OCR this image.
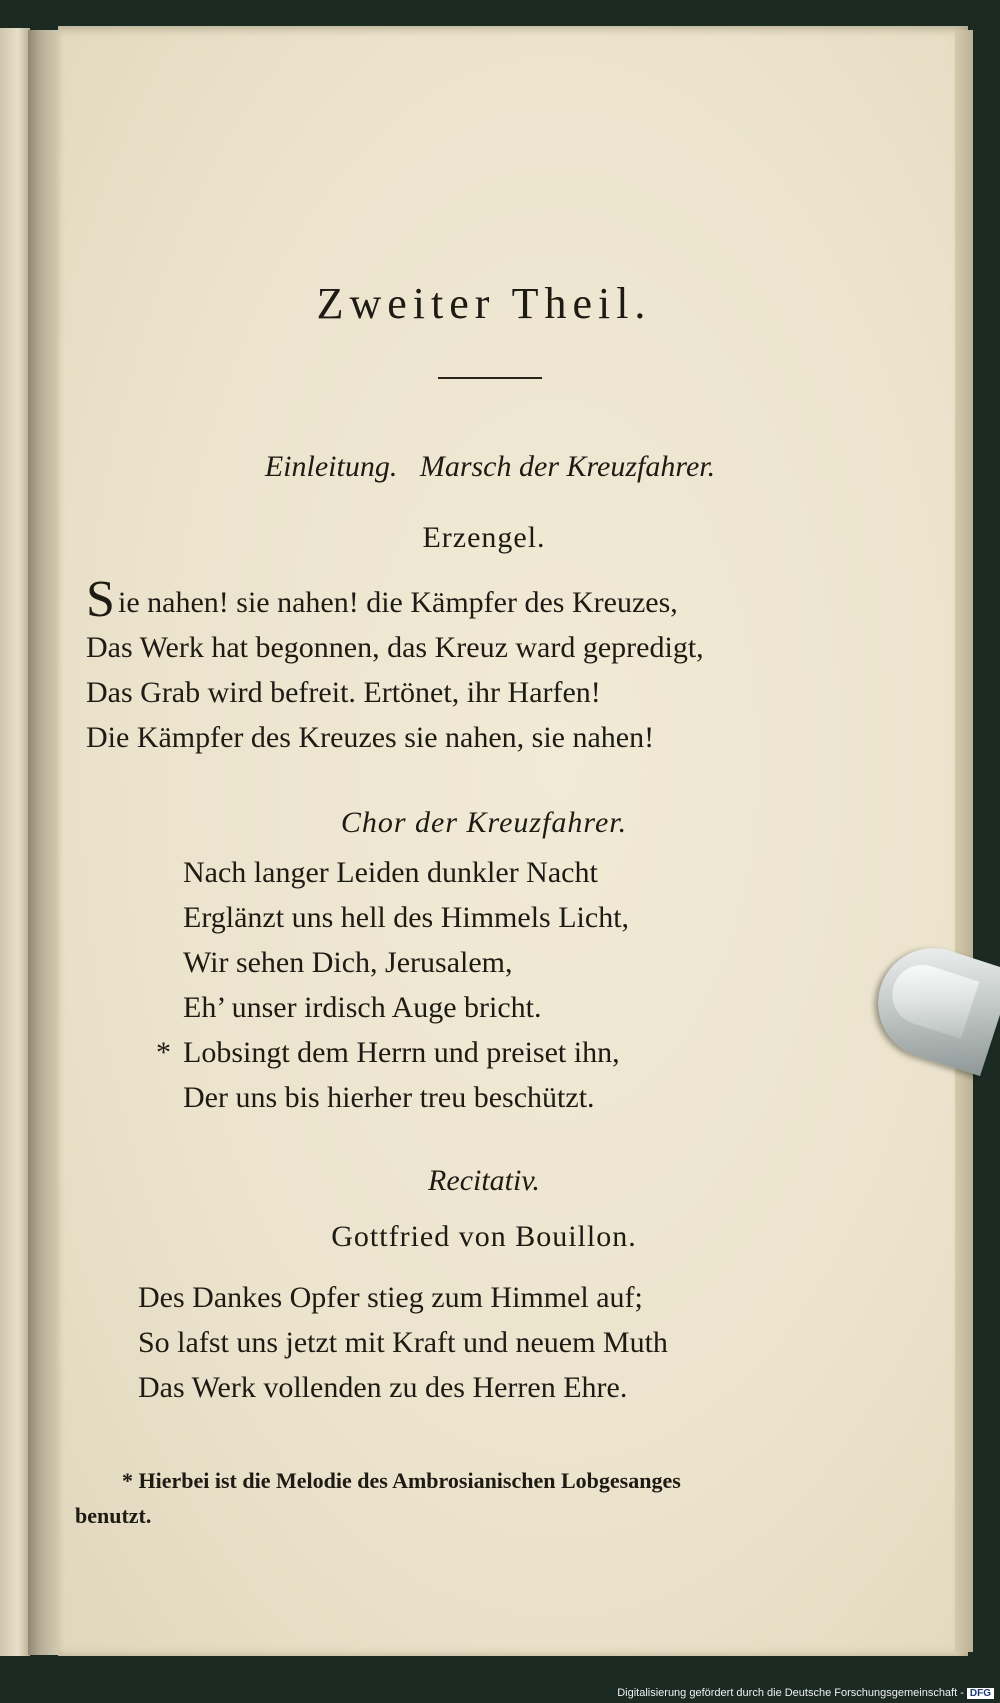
Zweiter Theil.
Einleitung. Marsch der Kreuzfahrer.
Erzengel.
S ie nahen! sie nahen! die Kämpfer des Kreuzes,
Das Werk hat begonnen, das Kreuz ward gepredigt,
Das Grab wird befreit. Ertönet, ihr Harfen!
Die Kämpfer des Kreuzes sie nahen, sie nahen!
Chor der Kreuzfahrer.
Nach langer Leiden dunkler Nacht
Erglänzt uns hell des Himmels Licht,
Wir sehen Dich, Jerusalem,
Eh’ unser irdisch Auge bricht.
* Lobsingt dem Herrn und preiset ihn,
Der uns bis hierher treu beschützt.
Recitativ.
Gottfried von Bouillon.
Des Dankes Opfer stieg zum Himmel auf;
So lafst uns jetzt mit Kraft und neuem Muth
Das Werk vollenden zu des Herren Ehre.
* Hierbei ist die Melodie des Ambrosianischen Lobgesanges
benutzt.
Digitalisierung gefördert durch die Deutsche Forschungsgemeinschaft - DFG
